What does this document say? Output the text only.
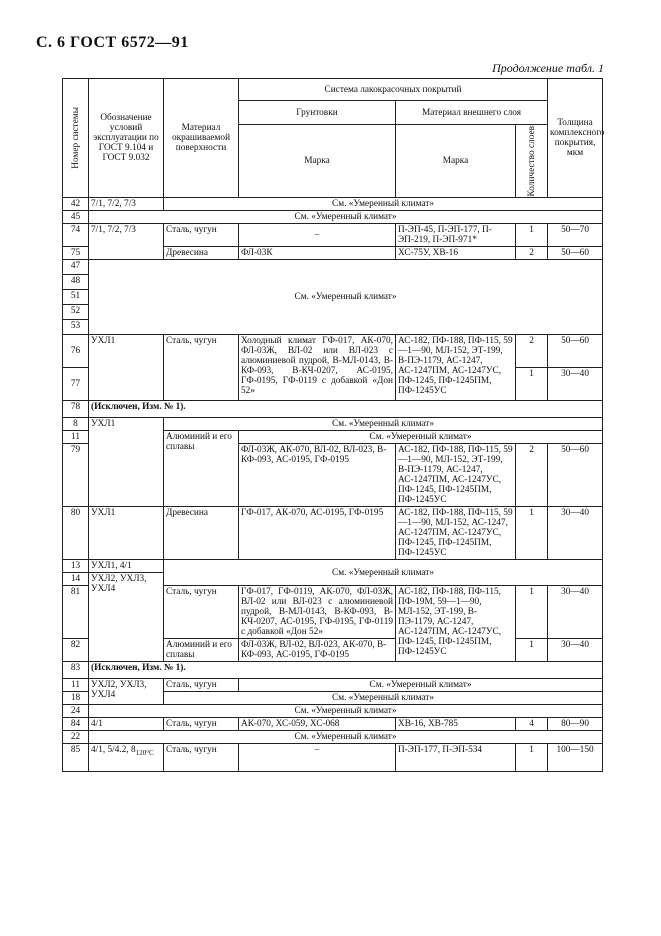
С. 6 ГОСТ 6572—91
Продолжение табл. 1
Номер системы	Обозначение условий эксплуатации по ГОСТ 9.104 и ГОСТ 9.032	Материал окрашиваемой поверхности	Система лакокрасочных покрытий			Толщина комплексного покрытия, мкм
			Грунтовки	Материал внешнего слоя		
			Марка	Марка	Количество слоев	

42	7/1, 7/2, 7/3	См. «Умеренный климат»				
45	См. «Умеренный климат»					
74	7/1, 7/2, 7/3	Сталь, чугун	–	П-ЭП-45, П-ЭП-177, П-ЭП-219, П-ЭП-971*	1	50—70
75		Древесина	ФЛ-03К	ХС-75У, ХВ-16	2	50—60
47	См. «Умеренный климат»					
48						
51						
52						
53						
76	УХЛ1	Сталь, чугун	Холодный климат ГФ-017, АК-070, ФЛ-03Ж, ВЛ-02 или ВЛ-023 с алюминиевой пудрой, В-МЛ-0143, В-КФ-093, В-КЧ-0207, АС-0195, ГФ-0195, ГФ-0119 с добавкой «Дон 52»	АС-182, ПФ-188, ПФ-115, 59—1—90, МЛ-152, ЭТ-199, В-ПЭ-1179, АС-1247, АС-1247ПМ, АС-1247УС, ПФ-1245, ПФ-1245ПМ, ПФ-1245УС	2	50—60
77					1	30—40
78	(Исключен, Изм. № 1).					
8	УХЛ1	См. «Умеренный климат»				
11		Алюминий и его сплавы	См. «Умеренный климат»			
79			ФЛ-03Ж, АК-070, ВЛ-02, ВЛ-023, В-КФ-093, АС-0195, ГФ-0195	АС-182, ПФ-188, ПФ-115, 59—1—90, МЛ-152, ЭТ-199, В-ПЭ-1179, АС-1247, АС-1247ПМ, АС-1247УС, ПФ-1245, ПФ-1245ПМ, ПФ-1245УС	2	50—60
80	УХЛ1	Древесина	ГФ-017, АК-070, АС-0195, ГФ-0195	АС-182, ПФ-188, ПФ-115, 59—1—90, МЛ-152, АС-1247, АС-1247ПМ, АС-1247УС, ПФ-1245, ПФ-1245ПМ, ПФ-1245УС	1	30—40
13	УХЛ1, 4/1	См. «Умеренный климат»				
14	УХЛ2, УХЛ3, УХЛ4					
81		Сталь, чугун	ГФ-017, ГФ-0119, АК-070, ФЛ-03Ж, ВЛ-02 или ВЛ-023 с алюминиевой пудрой, В-МЛ-0143, В-КФ-093, В-КЧ-0207, АС-0195, ГФ-0195, ГФ-0119 с добавкой «Дон 52»	АС-182, ПФ-188, ПФ-115, ПФ-19М, 59—1—90, МЛ-152, ЭТ-199, В-ПЭ-1179, АС-1247, АС-1247ПМ, АС-1247УС, ПФ-1245, ПФ-1245ПМ, ПФ-1245УС	1	30—40
82		Алюминий и его сплавы	ФЛ-03Ж, ВЛ-02, ВЛ-023, АК-070, В-КФ-093, АС-0195, ГФ-0195		1	30—40
83	(Исключен, Изм. № 1).					
11	УХЛ2, УХЛ3, УХЛ4	Сталь, чугун	См. «Умеренный климат»			
18		См. «Умеренный климат»				
24	См. «Умеренный климат»					
84	4/1	Сталь, чугун	АК-070, ХС-059, ХС-068	ХВ-16, ХВ-785	4	80—90
22	См. «Умеренный климат»					
85	4/1, 5/4.2, $8_{120^\circ С}$	Сталь, чугун	–	П-ЭП-177, П-ЭП-534	1	100—150
